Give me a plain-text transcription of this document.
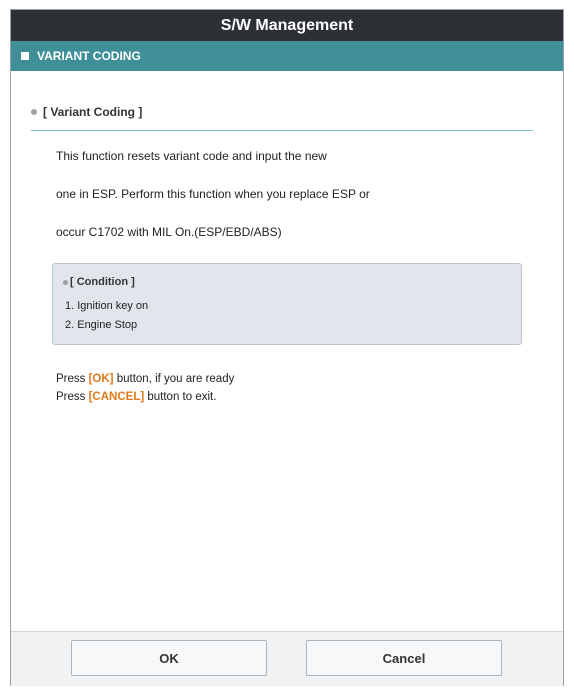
S/W Management
VARIANT CODING
[ Variant Coding ]
This function resets variant code and input the new
one in ESP. Perform this function when you replace ESP or
occur C1702 with MIL On.(ESP/EBD/ABS)
[ Condition ]
1. Ignition key on
2. Engine Stop
Press [OK] button, if you are ready
Press [CANCEL] button to exit.
OK	Cancel
